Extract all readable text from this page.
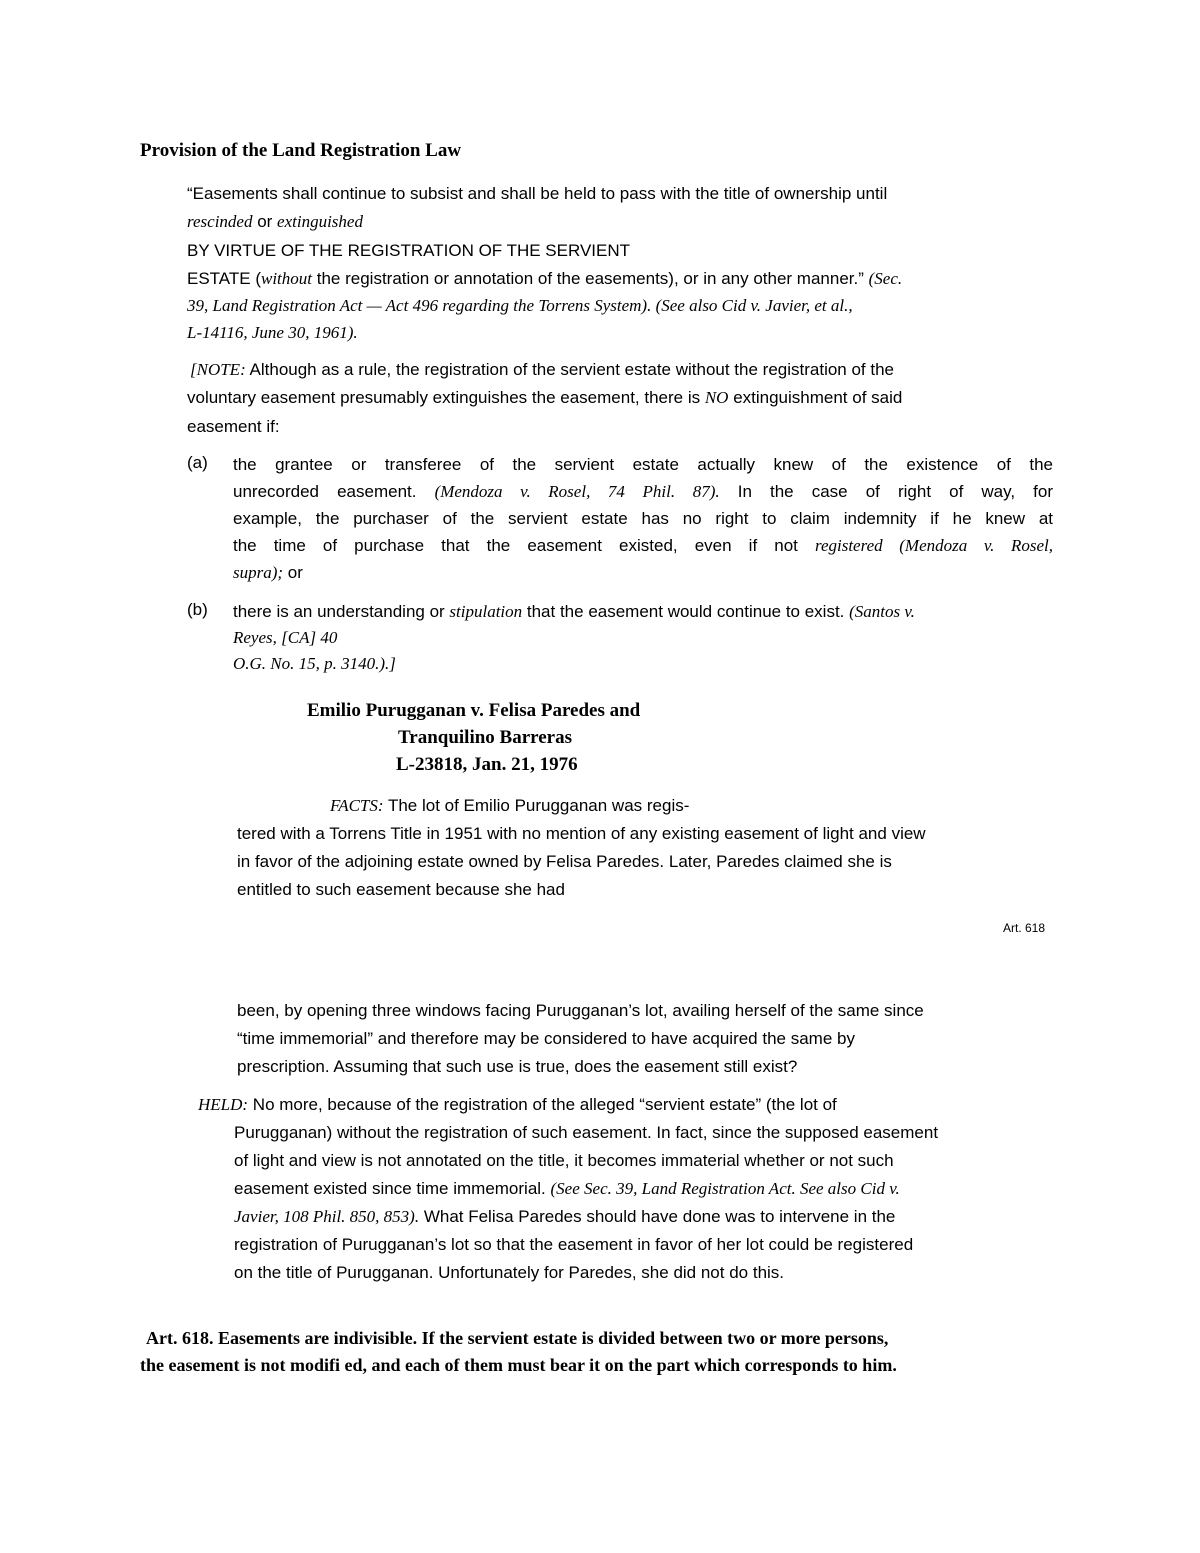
Provision of the Land Registration Law
“Easements shall continue to subsist and shall be held to pass with the title of ownership until
rescinded or extinguished
BY VIRTUE OF THE REGISTRATION OF THE SERVIENT
ESTATE (without the registration or annotation of the easements), or in any other manner.” (Sec.
39, Land Registration Act — Act 496 regarding the Torrens System). (See also Cid v. Javier, et al.,
L-14116, June 30, 1961).
[NOTE: Although as a rule, the registration of the servient estate without the registration of the
voluntary easement presumably extinguishes the easement, there is NO extinguishment of said
easement if:
(a) the grantee or transferee of the servient estate actually knew of the existence of the
unrecorded easement. (Mendoza v. Rosel, 74 Phil. 87). In the case of right of way, for
example, the purchaser of the servient estate has no right to claim indemnity if he knew at
the time of purchase that the easement existed, even if not registered (Mendoza v. Rosel,
supra); or
(b) there is an understanding or stipulation that the easement would continue to exist. (Santos v.
Reyes, [CA] 40
O.G. No. 15, p. 3140.).]
Emilio Purugganan v. Felisa Paredes and
Tranquilino Barreras
L-23818, Jan. 21, 1976
FACTS: The lot of Emilio Purugganan was regis-
tered with a Torrens Title in 1951 with no mention of any existing easement of light and view
in favor of the adjoining estate owned by Felisa Paredes. Later, Paredes claimed she is
entitled to such easement because she had
Art. 618
been, by opening three windows facing Purugganan’s lot, availing herself of the same since
“time immemorial” and therefore may be considered to have acquired the same by
prescription. Assuming that such use is true, does the easement still exist?
HELD: No more, because of the registration of the alleged “servient estate” (the lot of
Purugganan) without the registration of such easement. In fact, since the supposed easement
of light and view is not annotated on the title, it becomes immaterial whether or not such
easement existed since time immemorial. (See Sec. 39, Land Registration Act. See also Cid v.
Javier, 108 Phil. 850, 853). What Felisa Paredes should have done was to intervene in the
registration of Purugganan’s lot so that the easement in favor of her lot could be registered
on the title of Purugganan. Unfortunately for Paredes, she did not do this.
Art. 618. Easements are indivisible. If the servient estate is divided between two or more persons,
the easement is not modifi ed, and each of them must bear it on the part which corresponds to him.
